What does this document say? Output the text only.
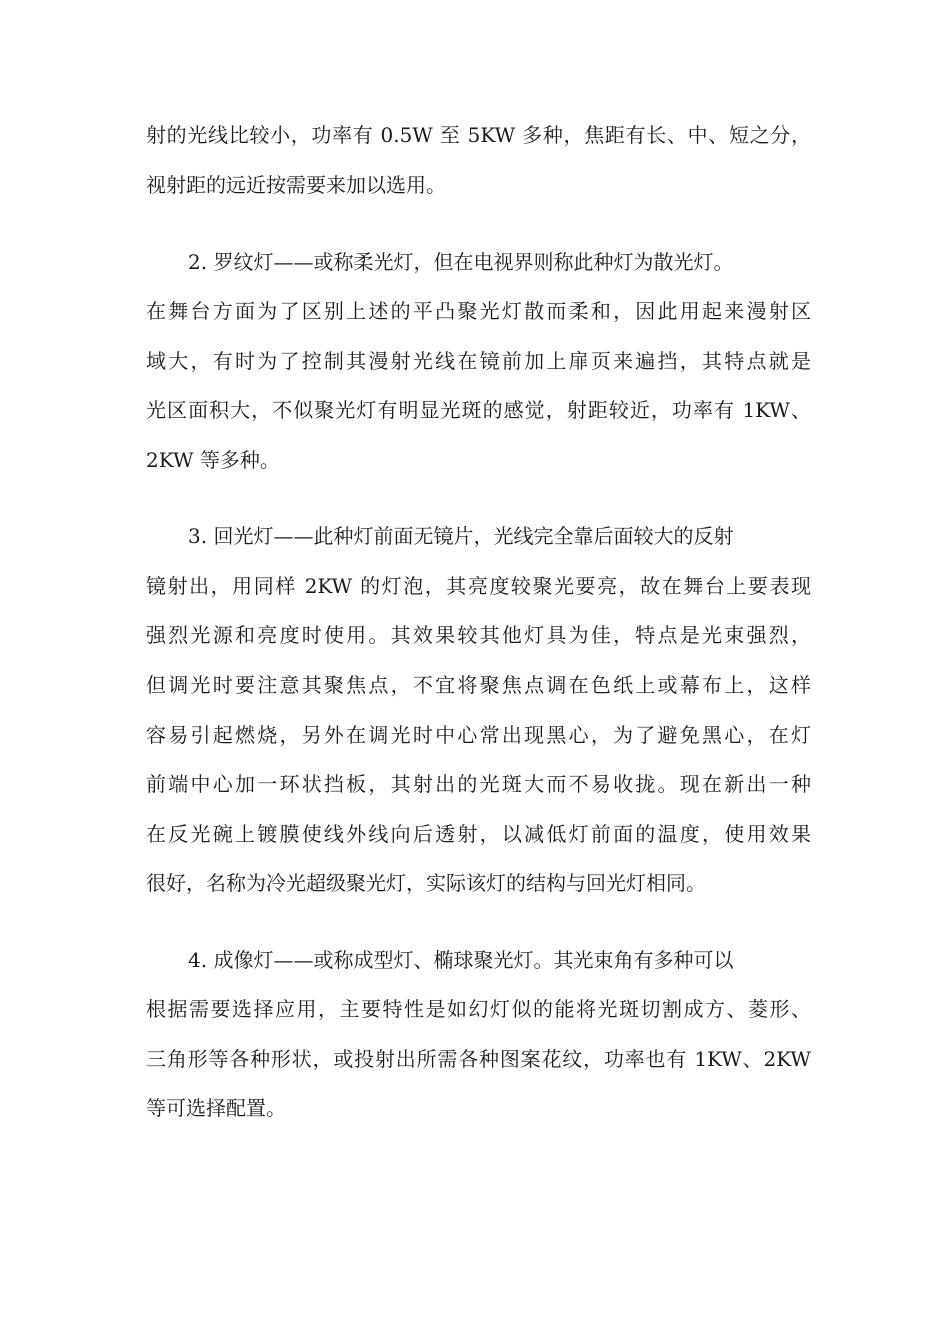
射的光线比较小，功率有 0.5W 至 5KW 多种，焦距有长、中、短之分，
视射距的远近按需要来加以选用。
2. 罗纹灯——或称柔光灯，但在电视界则称此种灯为散光灯。
在舞台方面为了区别上述的平凸聚光灯散而柔和，因此用起来漫射区
域大，有时为了控制其漫射光线在镜前加上扉页来遍挡，其特点就是
光区面积大，不似聚光灯有明显光斑的感觉，射距较近，功率有 1KW、
2KW 等多种。
3. 回光灯——此种灯前面无镜片，光线完全靠后面较大的反射
镜射出，用同样 2KW 的灯泡，其亮度较聚光要亮，故在舞台上要表现
强烈光源和亮度时使用。其效果较其他灯具为佳，特点是光束强烈，
但调光时要注意其聚焦点，不宜将聚焦点调在色纸上或幕布上，这样
容易引起燃烧，另外在调光时中心常出现黑心，为了避免黑心，在灯
前端中心加一环状挡板，其射出的光斑大而不易收拢。现在新出一种
在反光碗上镀膜使线外线向后透射，以减低灯前面的温度，使用效果
很好，名称为冷光超级聚光灯，实际该灯的结构与回光灯相同。
4. 成像灯——或称成型灯、椭球聚光灯。其光束角有多种可以
根据需要选择应用，主要特性是如幻灯似的能将光斑切割成方、菱形、
三角形等各种形状，或投射出所需各种图案花纹，功率也有 1KW、2KW
等可选择配置。
